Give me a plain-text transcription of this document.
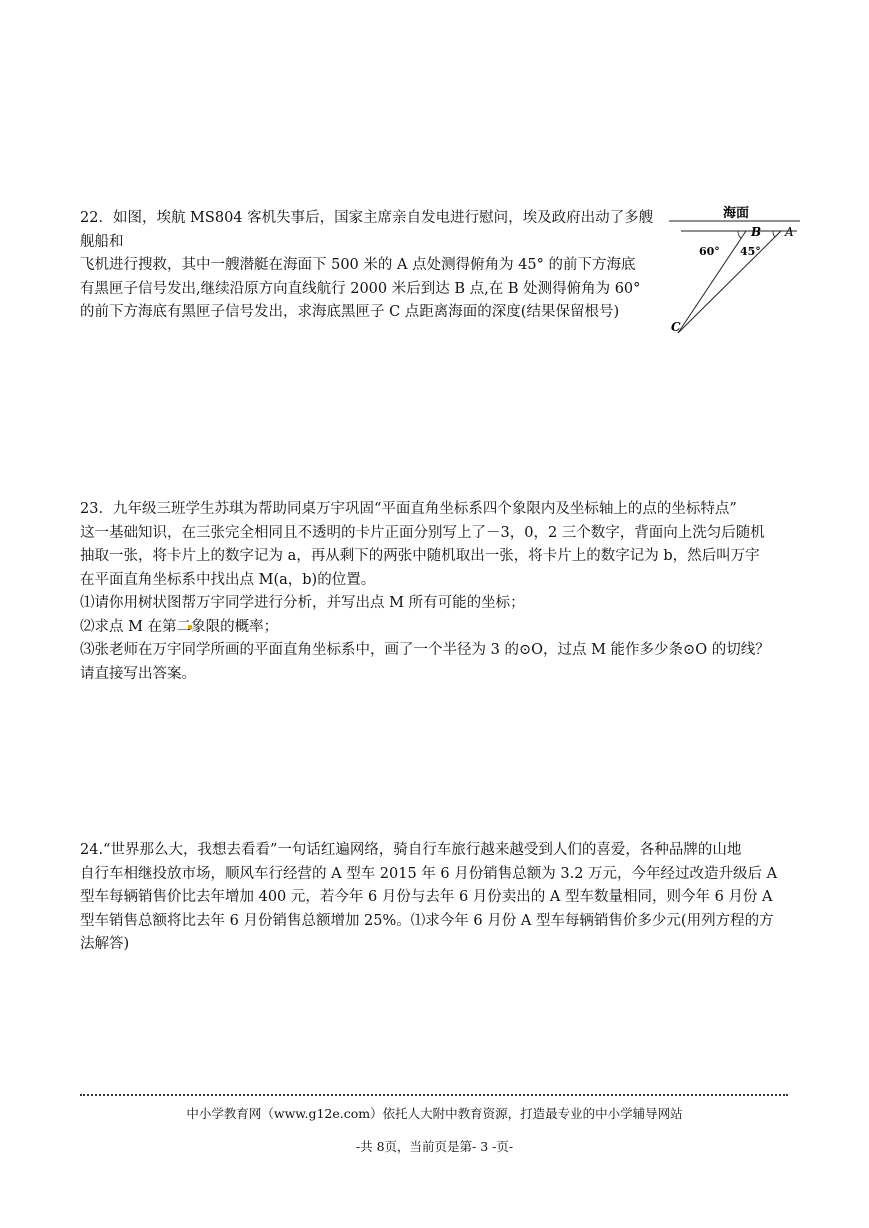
22．如图，埃航 MS804 客机失事后，国家主席亲自发电进行慰问，埃及政府出动了多艘

舰船和

飞机进行搜救，其中一艘潜艇在海面下 500 米的 A 点处测得俯角为 45° 的前下方海底

有黑匣子信号发出,继续沿原方向直线航行 2000 米后到达 B 点,在 B 处测得俯角为 60°

的前下方海底有黑匣子信号发出，求海底黑匣子 C 点距离海面的深度(结果保留根号)

海面
B A
C
60° 45°

23．九年级三班学生苏琪为帮助同桌万宇巩固“平面直角坐标系四个象限内及坐标轴上的点的坐标特点”

这一基础知识，在三张完全相同且不透明的卡片正面分别写上了－3，0，2 三个数字，背面向上洗匀后随机

抽取一张，将卡片上的数字记为 a，再从剩下的两张中随机取出一张，将卡片上的数字记为 b，然后叫万宇

在平面直角坐标系中找出点 M(a，b)的位置。

⑴请你用树状图帮万宇同学进行分析，并写出点 M 所有可能的坐标；

⑵求点 M 在第二象限的概率；

⑶张老师在万宇同学所画的平面直角坐标系中，画了一个半径为 3 的⊙O，过点 M 能作多少条⊙O 的切线？

请直接写出答案。

24.“世界那么大，我想去看看”一句话红遍网络，骑自行车旅行越来越受到人们的喜爱，各种品牌的山地

自行车相继投放市场，顺风车行经营的 A 型车 2015 年 6 月份销售总额为 3.2 万元，今年经过改造升级后 A

型车每辆销售价比去年增加 400 元，若今年 6 月份与去年 6 月份卖出的 A 型车数量相同，则今年 6 月份 A

型车销售总额将比去年 6 月份销售总额增加 25%。⑴求今年 6 月份 A 型车每辆销售价多少元(用列方程的方

法解答)

中小学教育网（www.g12e.com）依托人大附中教育资源，打造最专业的中小学辅导网站
-共 8页，当前页是第- 3 -页-
